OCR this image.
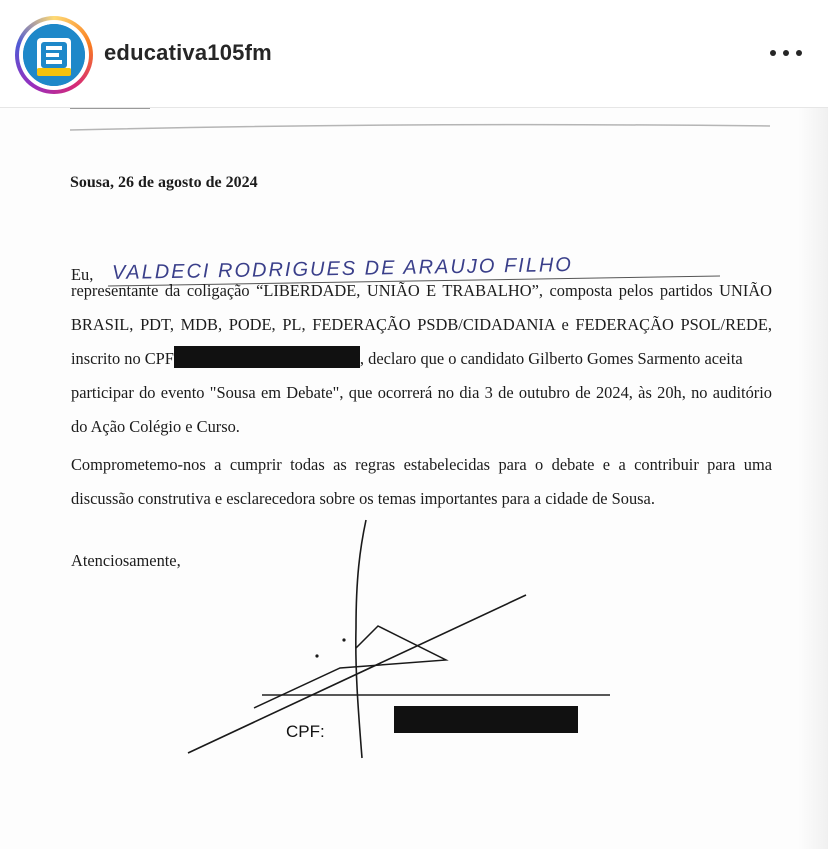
educativa105fm
Sousa, 26 de agosto de 2024
Eu, VALDECI RODRIGUES DE ARAUJO FILHO
representante da coligação “LIBERDADE, UNIÃO E TRABALHO”, composta pelos partidos UNIÃO
BRASIL, PDT, MDB, PODE, PL, FEDERAÇÃO PSDB/CIDADANIA e FEDERAÇÃO PSOL/REDE,
inscrito no CPF	, declaro que o candidato Gilberto Gomes Sarmento aceita
participar do evento "Sousa em Debate", que ocorrerá no dia 3 de outubro de 2024, às 20h, no auditório
do Ação Colégio e Curso.
Comprometemo-nos a cumprir todas as regras estabelecidas para o debate e a contribuir para uma
discussão construtiva e esclarecedora sobre os temas importantes para a cidade de Sousa.
Atenciosamente,
CPF:
